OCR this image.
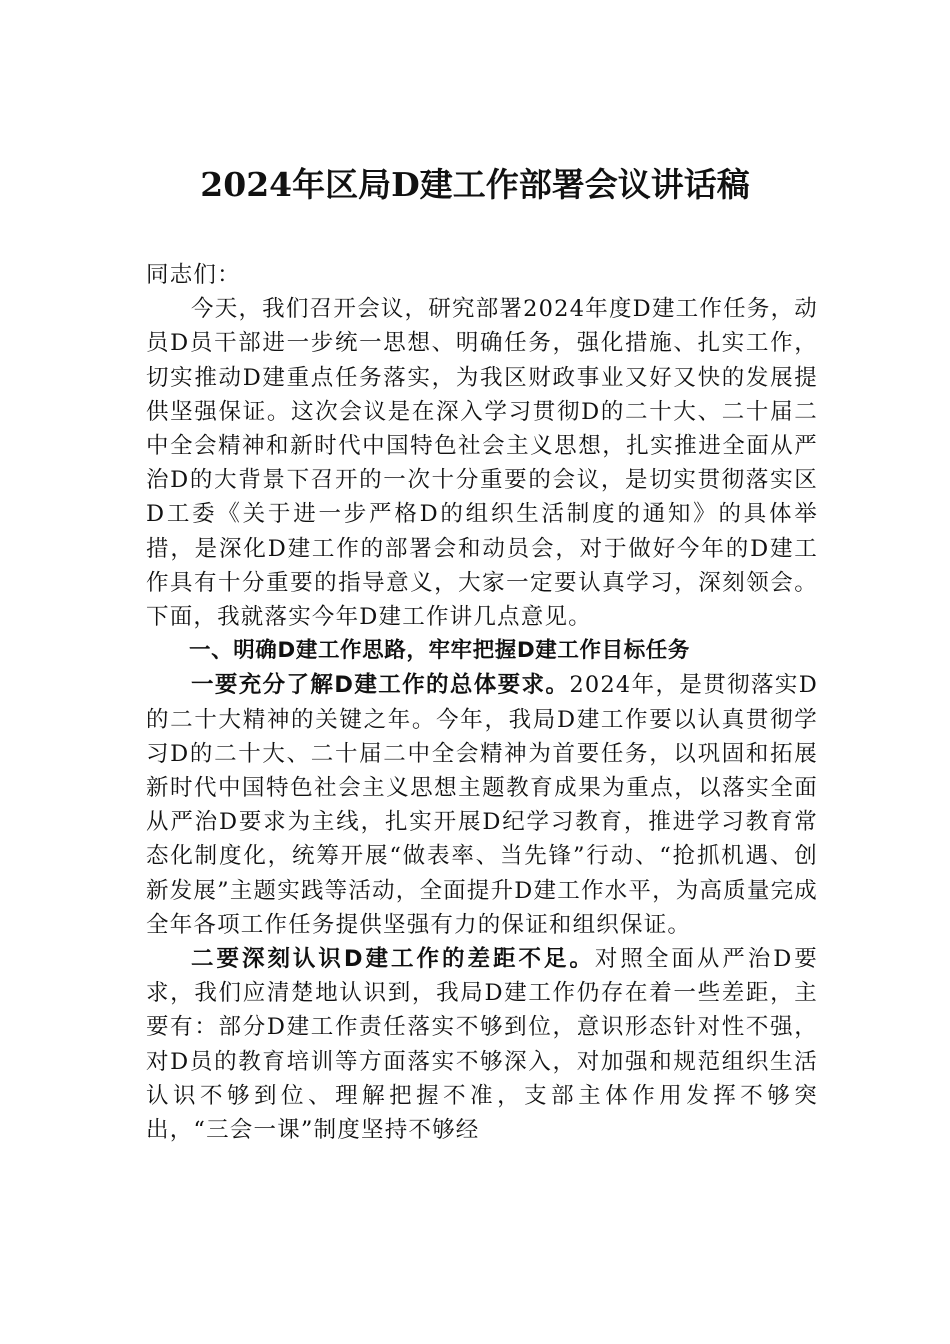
2024年区局D建工作部署会议讲话稿

同志们：

今天，我们召开会议，研究部署2024年度D建工作任务，动员D员干部进一步统一思想、明确任务，强化措施、扎实工作，切实推动D建重点任务落实，为我区财政事业又好又快的发展提供坚强保证。这次会议是在深入学习贯彻D的二十大、二十届二中全会精神和新时代中国特色社会主义思想，扎实推进全面从严治D的大背景下召开的一次十分重要的会议，是切实贯彻落实区D工委《关于进一步严格D的组织生活制度的通知》的具体举措，是深化D建工作的部署会和动员会，对于做好今年的D建工作具有十分重要的指导意义，大家一定要认真学习，深刻领会。下面，我就落实今年D建工作讲几点意见。

一、明确D建工作思路，牢牢把握D建工作目标任务

一要充分了解D建工作的总体要求。2024年，是贯彻落实D的二十大精神的关键之年。今年，我局D建工作要以认真贯彻学习D的二十大、二十届二中全会精神为首要任务，以巩固和拓展新时代中国特色社会主义思想主题教育成果为重点，以落实全面从严治D要求为主线，扎实开展D纪学习教育，推进学习教育常态化制度化，统筹开展“做表率、当先锋”行动、“抢抓机遇、创新发展”主题实践等活动，全面提升D建工作水平，为高质量完成全年各项工作任务提供坚强有力的保证和组织保证。

二要深刻认识D建工作的差距不足。对照全面从严治D要求，我们应清楚地认识到，我局D建工作仍存在着一些差距，主要有：部分D建工作责任落实不够到位，意识形态针对性不强，对D员的教育培训等方面落实不够深入，对加强和规范组织生活认识不够到位、理解把握不准，支部主体作用发挥不够突出，“三会一课”制度坚持不够经
